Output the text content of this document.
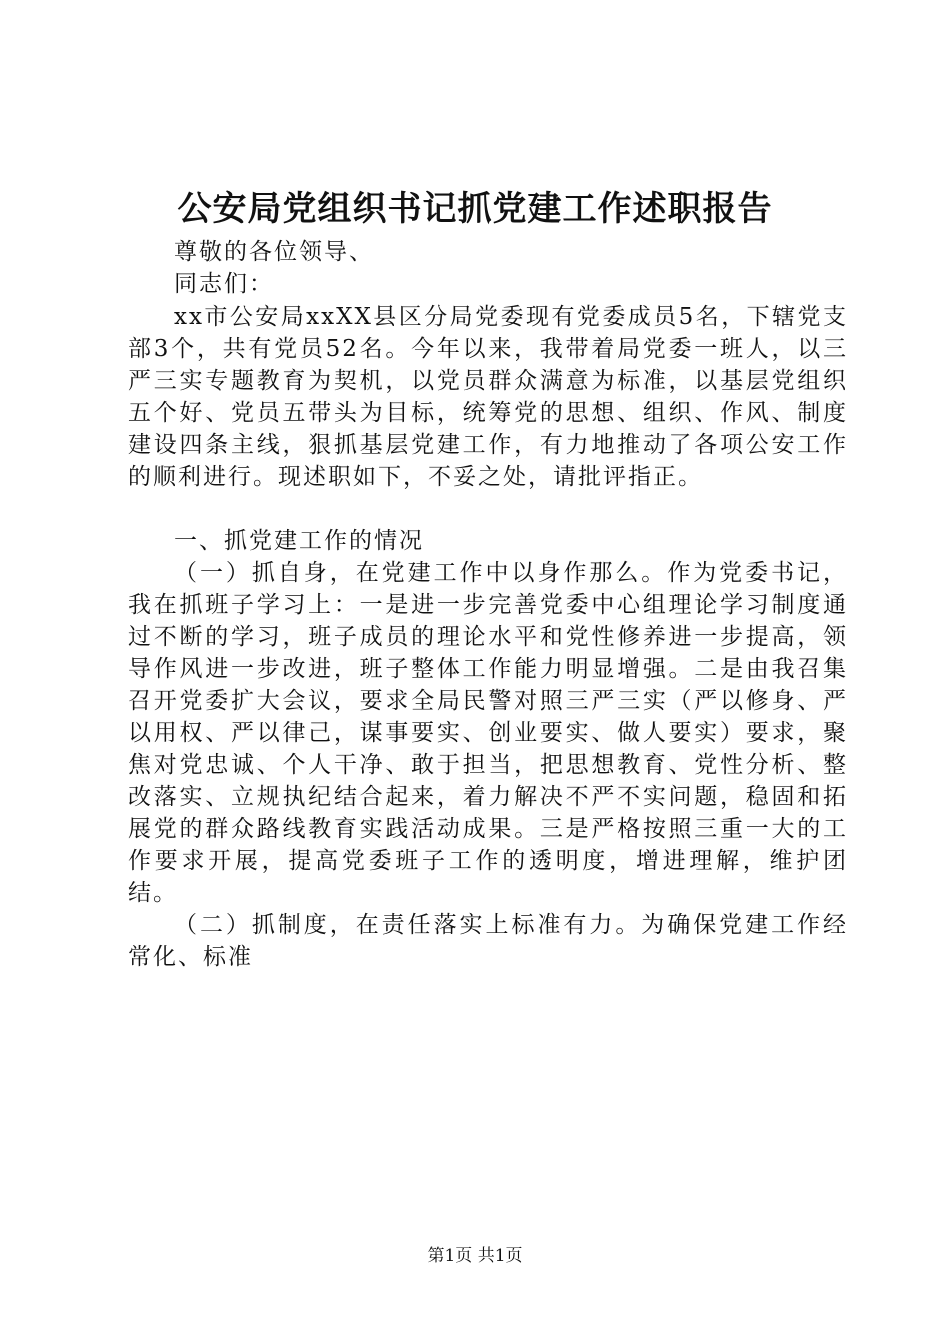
公安局党组织书记抓党建工作述职报告

尊敬的各位领导、

同志们：

xx市公安局xxXX县区分局党委现有党委成员5名，下辖党支部3个，共有党员52名。今年以来，我带着局党委一班人，以三严三实专题教育为契机，以党员群众满意为标准，以基层党组织五个好、党员五带头为目标，统筹党的思想、组织、作风、制度建设四条主线，狠抓基层党建工作，有力地推动了各项公安工作的顺利进行。现述职如下，不妥之处，请批评指正。

一、抓党建工作的情况

（一）抓自身，在党建工作中以身作那么。作为党委书记，我在抓班子学习上：一是进一步完善党委中心组理论学习制度通过不断的学习，班子成员的理论水平和党性修养进一步提高，领导作风进一步改进，班子整体工作能力明显增强。二是由我召集召开党委扩大会议，要求全局民警对照三严三实（严以修身、严以用权、严以律己，谋事要实、创业要实、做人要实）要求，聚焦对党忠诚、个人干净、敢于担当，把思想教育、党性分析、整改落实、立规执纪结合起来，着力解决不严不实问题，稳固和拓展党的群众路线教育实践活动成果。三是严格按照三重一大的工作要求开展，提高党委班子工作的透明度，增进理解，维护团结。

（二）抓制度，在责任落实上标准有力。为确保党建工作经常化、标准

第1页 共1页
